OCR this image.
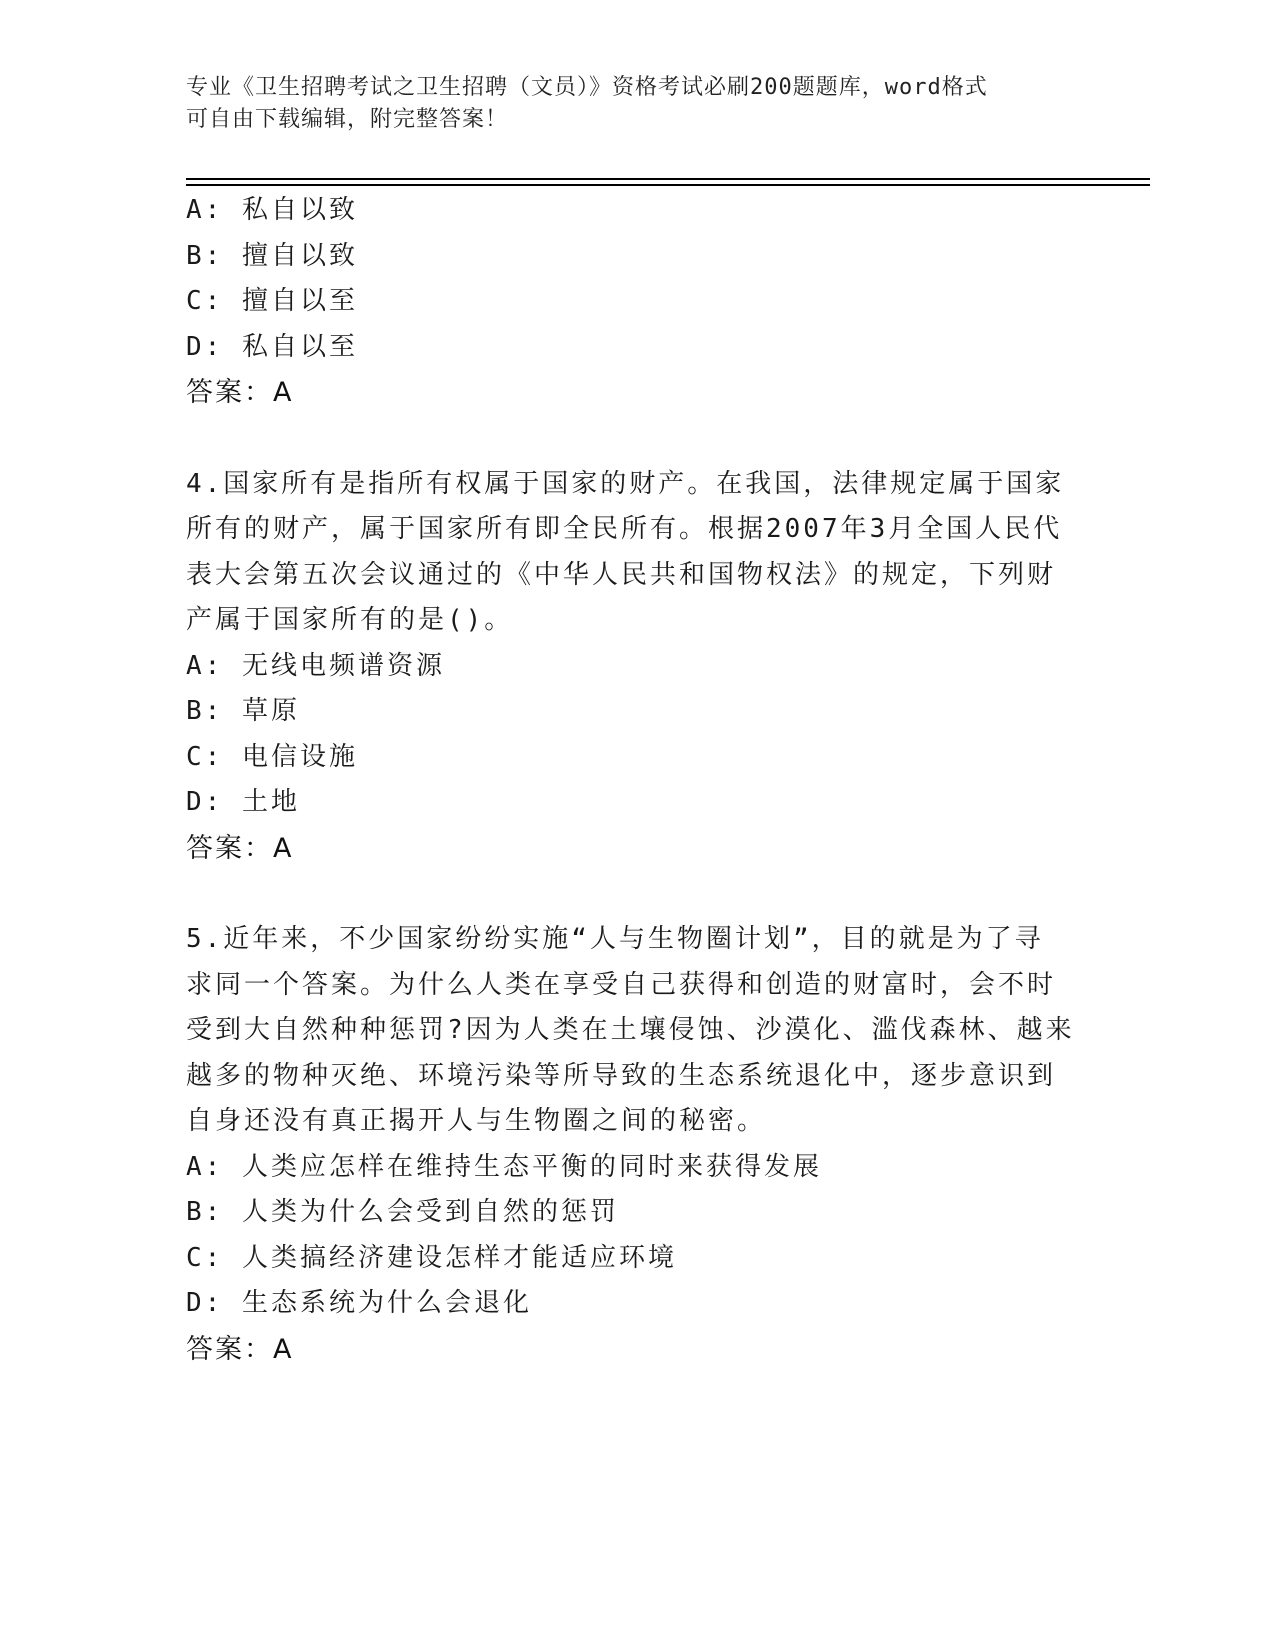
专业《卫生招聘考试之卫生招聘（文员）》资格考试必刷200题题库，word格式
可自由下载编辑，附完整答案！
A: 私自以致
B: 擅自以致
C: 擅自以至
D: 私自以至
答案：A
4.国家所有是指所有权属于国家的财产。在我国，法律规定属于国家
所有的财产，属于国家所有即全民所有。根据2007年3月全国人民代
表大会第五次会议通过的《中华人民共和国物权法》的规定，下列财
产属于国家所有的是()。
A: 无线电频谱资源
B: 草原
C: 电信设施
D: 土地
答案：A
5.近年来，不少国家纷纷实施“人与生物圈计划”，目的就是为了寻
求同一个答案。为什么人类在享受自己获得和创造的财富时，会不时
受到大自然种种惩罚?因为人类在土壤侵蚀、沙漠化、滥伐森林、越来
越多的物种灭绝、环境污染等所导致的生态系统退化中，逐步意识到
自身还没有真正揭开人与生物圈之间的秘密。
A: 人类应怎样在维持生态平衡的同时来获得发展
B: 人类为什么会受到自然的惩罚
C: 人类搞经济建设怎样才能适应环境
D: 生态系统为什么会退化
答案：A
